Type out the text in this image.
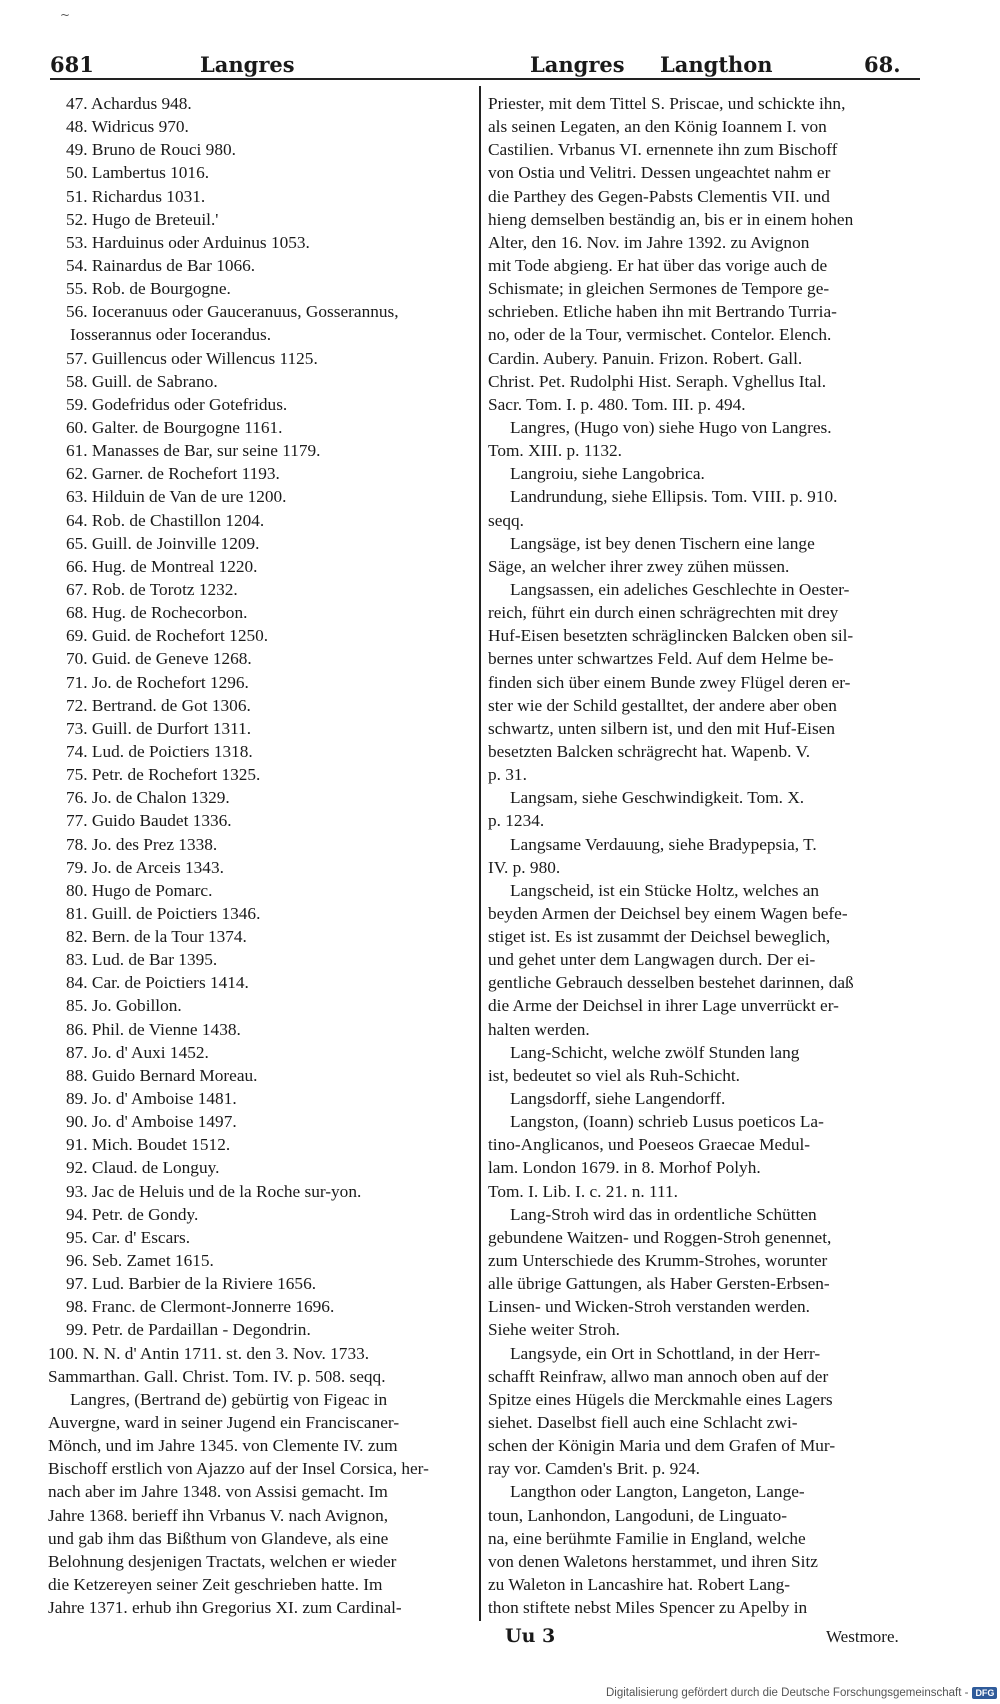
~
681	Langres	Langres Langthon	68.
47. Achardus 948.
48. Widricus 970.
49. Bruno de Rouci 980.
50. Lambertus 1016.
51. Richardus 1031.
52. Hugo de Breteuil.'
53. Harduinus oder Arduinus 1053.
54. Rainardus de Bar 1066.
55. Rob. de Bourgogne.
56. Ioceranuus oder Gauceranuus, Gosserannus,
Iosserannus oder Iocerandus.
57. Guillencus oder Willencus 1125.
58. Guill. de Sabrano.
59. Godefridus oder Gotefridus.
60. Galter. de Bourgogne 1161.
61. Manasses de Bar, sur seine 1179.
62. Garner. de Rochefort 1193.
63. Hilduin de Van de ure 1200.
64. Rob. de Chastillon 1204.
65. Guill. de Joinville 1209.
66. Hug. de Montreal 1220.
67. Rob. de Torotz 1232.
68. Hug. de Rochecorbon.
69. Guid. de Rochefort 1250.
70. Guid. de Geneve 1268.
71. Jo. de Rochefort 1296.
72. Bertrand. de Got 1306.
73. Guill. de Durfort 1311.
74. Lud. de Poictiers 1318.
75. Petr. de Rochefort 1325.
76. Jo. de Chalon 1329.
77. Guido Baudet 1336.
78. Jo. des Prez 1338.
79. Jo. de Arceis 1343.
80. Hugo de Pomarc.
81. Guill. de Poictiers 1346.
82. Bern. de la Tour 1374.
83. Lud. de Bar 1395.
84. Car. de Poictiers 1414.
85. Jo. Gobillon.
86. Phil. de Vienne 1438.
87. Jo. d' Auxi 1452.
88. Guido Bernard Moreau.
89. Jo. d' Amboise 1481.
90. Jo. d' Amboise 1497.
91. Mich. Boudet 1512.
92. Claud. de Longuy.
93. Jac de Heluis und de la Roche sur-yon.
94. Petr. de Gondy.
95. Car. d' Escars.
96. Seb. Zamet 1615.
97. Lud. Barbier de la Riviere 1656.
98. Franc. de Clermont-Jonnerre 1696.
99. Petr. de Pardaillan - Degondrin.
100. N. N. d' Antin 1711. st. den 3. Nov. 1733.
Sammarthan. Gall. Christ. Tom. IV. p. 508. seqq.
Langres, (Bertrand de) gebürtig von Figeac in
Auvergne, ward in seiner Jugend ein Franciscaner-
Mönch, und im Jahre 1345. von Clemente IV. zum
Bischoff erstlich von Ajazzo auf der Insel Corsica, her-
nach aber im Jahre 1348. von Assisi gemacht. Im
Jahre 1368. berieff ihn Vrbanus V. nach Avignon,
und gab ihm das Bißthum von Glandeve, als eine
Belohnung desjenigen Tractats, welchen er wieder
die Ketzereyen seiner Zeit geschrieben hatte. Im
Jahre 1371. erhub ihn Gregorius XI. zum Cardinal-
Priester, mit dem Tittel S. Priscae, und schickte ihn,
als seinen Legaten, an den König Ioannem I. von
Castilien. Vrbanus VI. ernennete ihn zum Bischoff
von Ostia und Velitri. Dessen ungeachtet nahm er
die Parthey des Gegen-Pabsts Clementis VII. und
hieng demselben beständig an, bis er in einem hohen
Alter, den 16. Nov. im Jahre 1392. zu Avignon
mit Tode abgieng. Er hat über das vorige auch de
Schismate; in gleichen Sermones de Tempore ge-
schrieben. Etliche haben ihn mit Bertrando Turria-
no, oder de la Tour, vermischet. Contelor. Elench.
Cardin. Aubery. Panuin. Frizon. Robert. Gall.
Christ. Pet. Rudolphi Hist. Seraph. Vghellus Ital.
Sacr. Tom. I. p. 480. Tom. III. p. 494.
Langres, (Hugo von) siehe Hugo von Langres.
Tom. XIII. p. 1132.
Langroiu, siehe Langobrica.
Landrundung, siehe Ellipsis. Tom. VIII. p. 910.
seqq.
Langsäge, ist bey denen Tischern eine lange
Säge, an welcher ihrer zwey zühen müssen.
Langsassen, ein adeliches Geschlechte in Oester-
reich, führt ein durch einen schrägrechten mit drey
Huf-Eisen besetzten schräglincken Balcken oben sil-
bernes unter schwartzes Feld. Auf dem Helme be-
finden sich über einem Bunde zwey Flügel deren er-
ster wie der Schild gestalltet, der andere aber oben
schwartz, unten silbern ist, und den mit Huf-Eisen
besetzten Balcken schrägrecht hat. Wapenb. V.
p. 31.
Langsam, siehe Geschwindigkeit. Tom. X.
p. 1234.
Langsame Verdauung, siehe Bradypepsia, T.
IV. p. 980.
Langscheid, ist ein Stücke Holtz, welches an
beyden Armen der Deichsel bey einem Wagen befe-
stiget ist. Es ist zusammt der Deichsel beweglich,
und gehet unter dem Langwagen durch. Der ei-
gentliche Gebrauch desselben bestehet darinnen, daß
die Arme der Deichsel in ihrer Lage unverrückt er-
halten werden.
Lang-Schicht, welche zwölf Stunden lang
ist, bedeutet so viel als Ruh-Schicht.
Langsdorff, siehe Langendorff.
Langston, (Ioann) schrieb Lusus poeticos La-
tino-Anglicanos, und Poeseos Graecae Medul-
lam. London 1679. in 8. Morhof Polyh.
Tom. I. Lib. I. c. 21. n. 111.
Lang-Stroh wird das in ordentliche Schütten
gebundene Waitzen- und Roggen-Stroh genennet,
zum Unterschiede des Krumm-Strohes, worunter
alle übrige Gattungen, als Haber Gersten-Erbsen-
Linsen- und Wicken-Stroh verstanden werden.
Siehe weiter Stroh.
Langsyde, ein Ort in Schottland, in der Herr-
schafft Reinfraw, allwo man annoch oben auf der
Spitze eines Hügels die Merckmahle eines Lagers
siehet. Daselbst fiell auch eine Schlacht zwi-
schen der Königin Maria und dem Grafen of Mur-
ray vor. Camden's Brit. p. 924.
Langthon oder Langton, Langeton, Lange-
toun, Lanhondon, Langoduni, de Linguato-
na, eine berühmte Familie in England, welche
von denen Waletons herstammet, und ihren Sitz
zu Waleton in Lancashire hat. Robert Lang-
thon stiftete nebst Miles Spencer zu Apelby in
Uu 3	Westmore.
Digitalisierung gefördert durch die Deutsche Forschungsgemeinschaft - DFG
